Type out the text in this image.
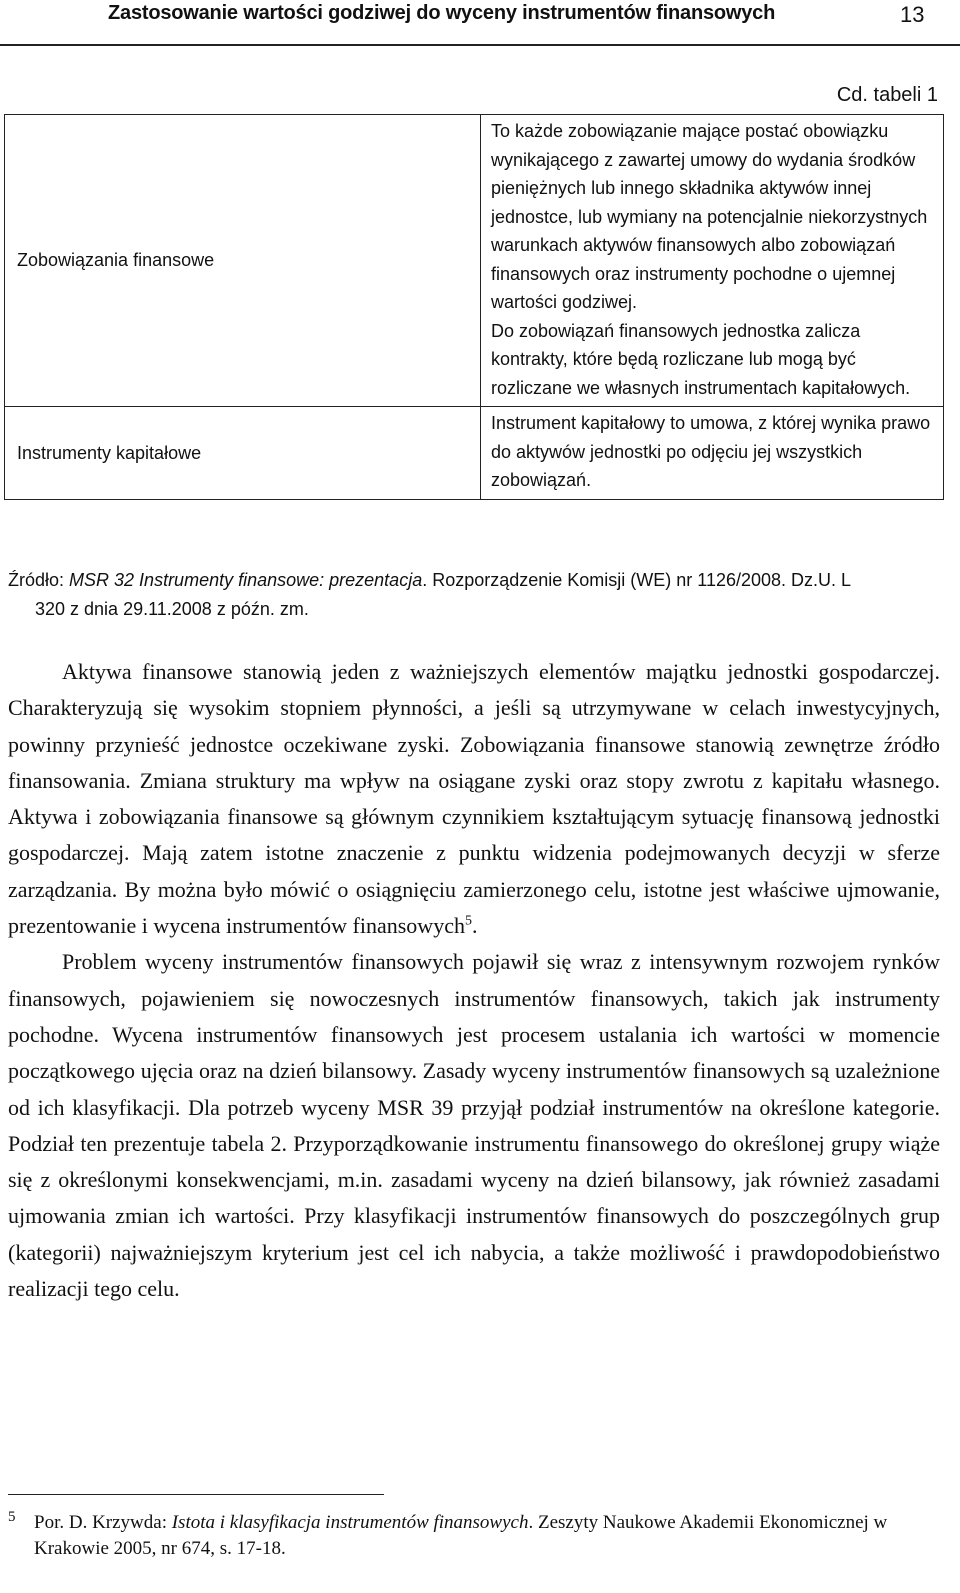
Zastosowanie wartości godziwej do wyceny instrumentów finansowych	13
Cd. tabeli 1
Zobowiązania finansowe	To każde zobowiązanie mające postać obowiązku wynikającego z zawartej umowy do wydania środków pieniężnych lub innego składnika aktywów innej jednostce, lub wymiany na potencjalnie niekorzystnych warunkach aktywów finansowych albo zobowiązań finansowych oraz instrumenty pochodne o ujemnej wartości godziwej.

Do zobowiązań finansowych jednostka zalicza kontrakty, które będą rozliczane lub mogą być rozliczane we własnych instrumentach kapitałowych.

Instrumenty kapitałowe	Instrument kapitałowy to umowa, z której wynika prawo do aktywów jednostki po odjęciu jej wszystkich zobowiązań.

Źródło: MSR 32 Instrumenty finansowe: prezentacja. Rozporządzenie Komisji (WE) nr 1126/2008. Dz.U. L
320 z dnia 29.11.2008 z późn. zm.

Aktywa finansowe stanowią jeden z ważniejszych elementów majątku jednostki gospodarczej. Charakteryzują się wysokim stopniem płynności, a jeśli są utrzymywane w celach inwestycyjnych, powinny przynieść jednostce oczekiwane zyski. Zobowiązania finansowe stanowią zewnętrze źródło finansowania. Zmiana struktury ma wpływ na osiągane zyski oraz stopy zwrotu z kapitału własnego. Aktywa i zobowiązania finansowe są głównym czynnikiem kształtującym sytuację finansową jednostki gospodarczej. Mają zatem istotne znaczenie z punktu widzenia podejmowanych decyzji w sferze zarządzania. By można było mówić o osiągnięciu zamierzonego celu, istotne jest właściwe ujmowanie, prezentowanie i wycena instrumentów finansowych$^5$.

Problem wyceny instrumentów finansowych pojawił się wraz z intensywnym rozwojem rynków finansowych, pojawieniem się nowoczesnych instrumentów finansowych, takich jak instrumenty pochodne. Wycena instrumentów finansowych jest procesem ustalania ich wartości w momencie początkowego ujęcia oraz na dzień bilansowy. Zasady wyceny instrumentów finansowych są uzależnione od ich klasyfikacji. Dla potrzeb wyceny MSR 39 przyjął podział instrumentów na określone kategorie. Podział ten prezentuje tabela 2. Przyporządkowanie instrumentu finansowego do określonej grupy wiąże się z określonymi konsekwencjami, m.in. zasadami wyceny na dzień bilansowy, jak również zasadami ujmowania zmian ich wartości. Przy klasyfikacji instrumentów finansowych do poszczególnych grup (kategorii) najważniejszym kryterium jest cel ich nabycia, a także możliwość i prawdopodobieństwo realizacji tego celu.

5 Por. D. Krzywda: Istota i klasyfikacja instrumentów finansowych. Zeszyty Naukowe Akademii Ekonomicznej w Krakowie 2005, nr 674, s. 17-18.
